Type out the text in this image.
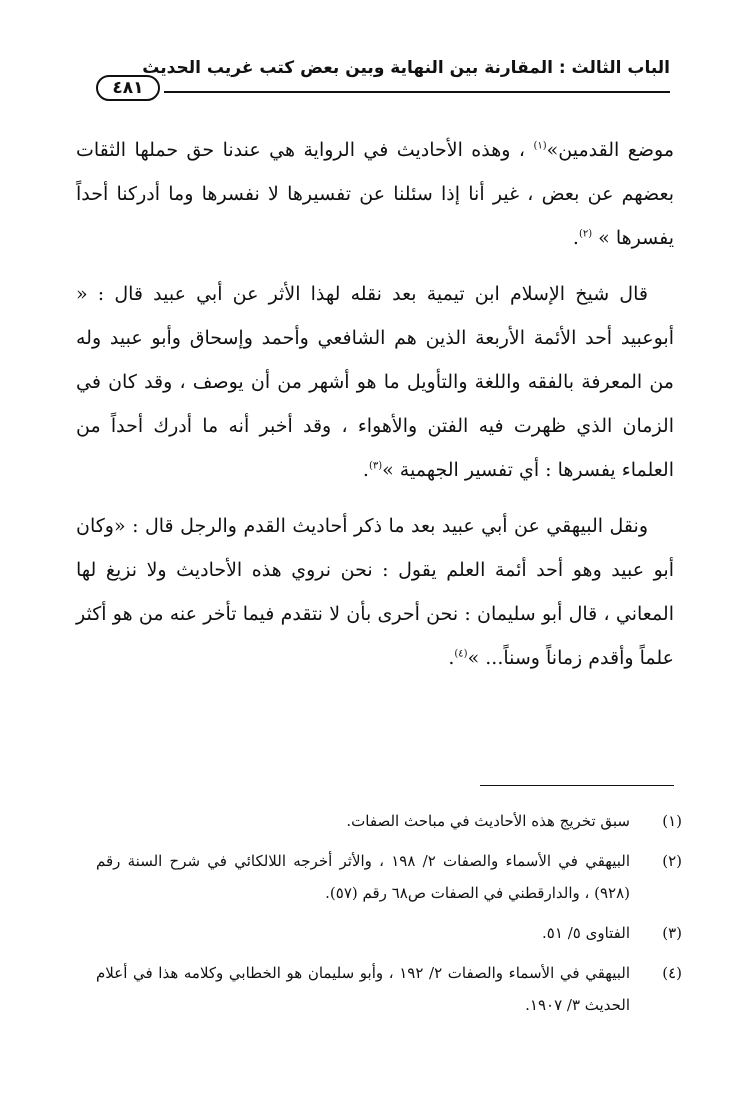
الباب الثالث : المقارنة بين النهاية وبين بعض كتب غريب الحديث
٤٨١

موضع القدمين»$^{(١)}$ ، وهذه الأحاديث في الرواية هي عندنا حق حملها الثقات بعضهم عن بعض ، غير أنا إذا سئلنا عن تفسيرها لا نفسرها وما أدركنا أحداً يفسرها » $^{(٢)}$.

قال شيخ الإسلام ابن تيمية بعد نقله لهذا الأثر عن أبي عبيد قال : « أبوعبيد أحد الأئمة الأربعة الذين هم الشافعي وأحمد وإسحاق وأبو عبيد وله من المعرفة بالفقه واللغة والتأويل ما هو أشهر من أن يوصف ، وقد كان في الزمان الذي ظهرت فيه الفتن والأهواء ، وقد أخبر أنه ما أدرك أحداً من العلماء يفسرها : أي تفسير الجهمية »$^{(٣)}$.

ونقل البيهقي عن أبي عبيد بعد ما ذكر أحاديث القدم والرجل قال : «وكان أبو عبيد وهو أحد أئمة العلم يقول : نحن نروي هذه الأحاديث ولا نزيغ لها المعاني ، قال أبو سليمان : نحن أحرى بأن لا نتقدم فيما تأخر عنه من هو أكثر علماً وأقدم زماناً وسناً... »$^{(٤)}$.

(١)
سبق تخريج هذه الأحاديث في مباحث الصفات.
(٢)
البيهقي في الأسماء والصفات ٢/ ١٩٨ ، والأثر أخرجه اللالكائي في شرح السنة رقم (٩٢٨) ، والدارقطني في الصفات ص٦٨ رقم (٥٧).
(٣)
الفتاوى ٥/ ٥١.
(٤)
البيهقي في الأسماء والصفات ٢/ ١٩٢ ، وأبو سليمان هو الخطابي وكلامه هذا في أعلام الحديث ٣/ ١٩٠٧.
